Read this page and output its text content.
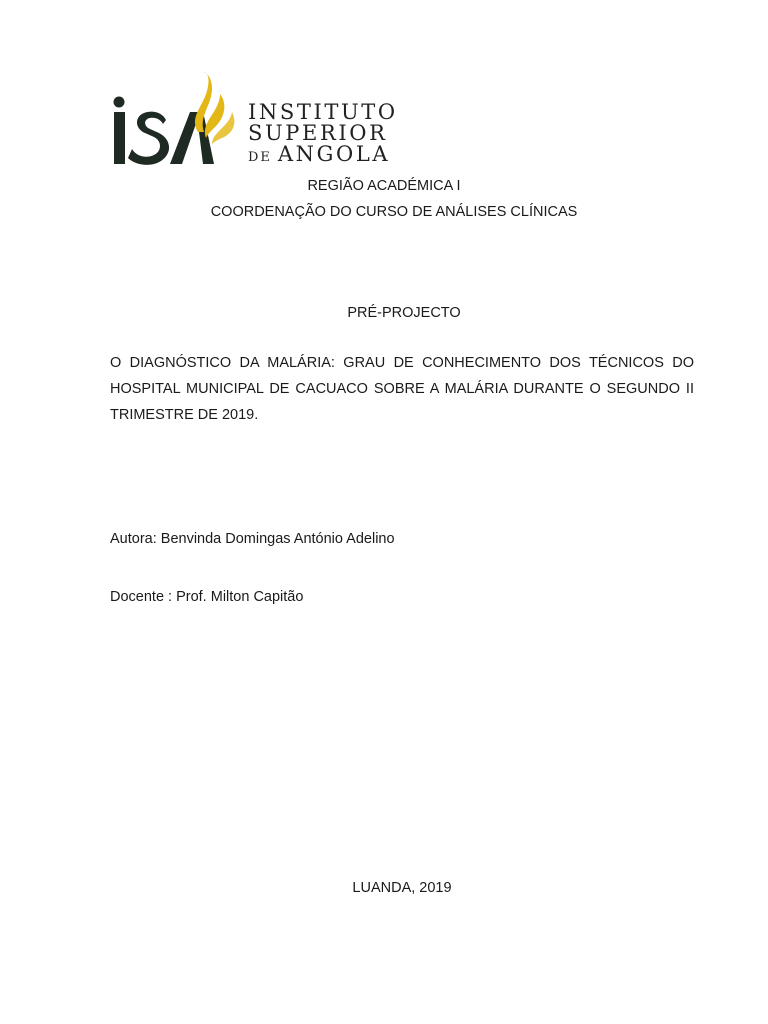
INSTITUTO
SUPERIOR
DE ANGOLA
REGIÃO ACADÉMICA I
COORDENAÇÃO DO CURSO DE ANÁLISES CLÍNICAS
PRÉ-PROJECTO
O DIAGNÓSTICO DA MALÁRIA: GRAU DE CONHECIMENTO DOS TÉCNICOS DO HOSPITAL MUNICIPAL DE CACUACO SOBRE A MALÁRIA DURANTE O SEGUNDO II TRIMESTRE DE 2019.
Autora: Benvinda Domingas António Adelino
Docente : Prof. Milton Capitão
LUANDA, 2019
